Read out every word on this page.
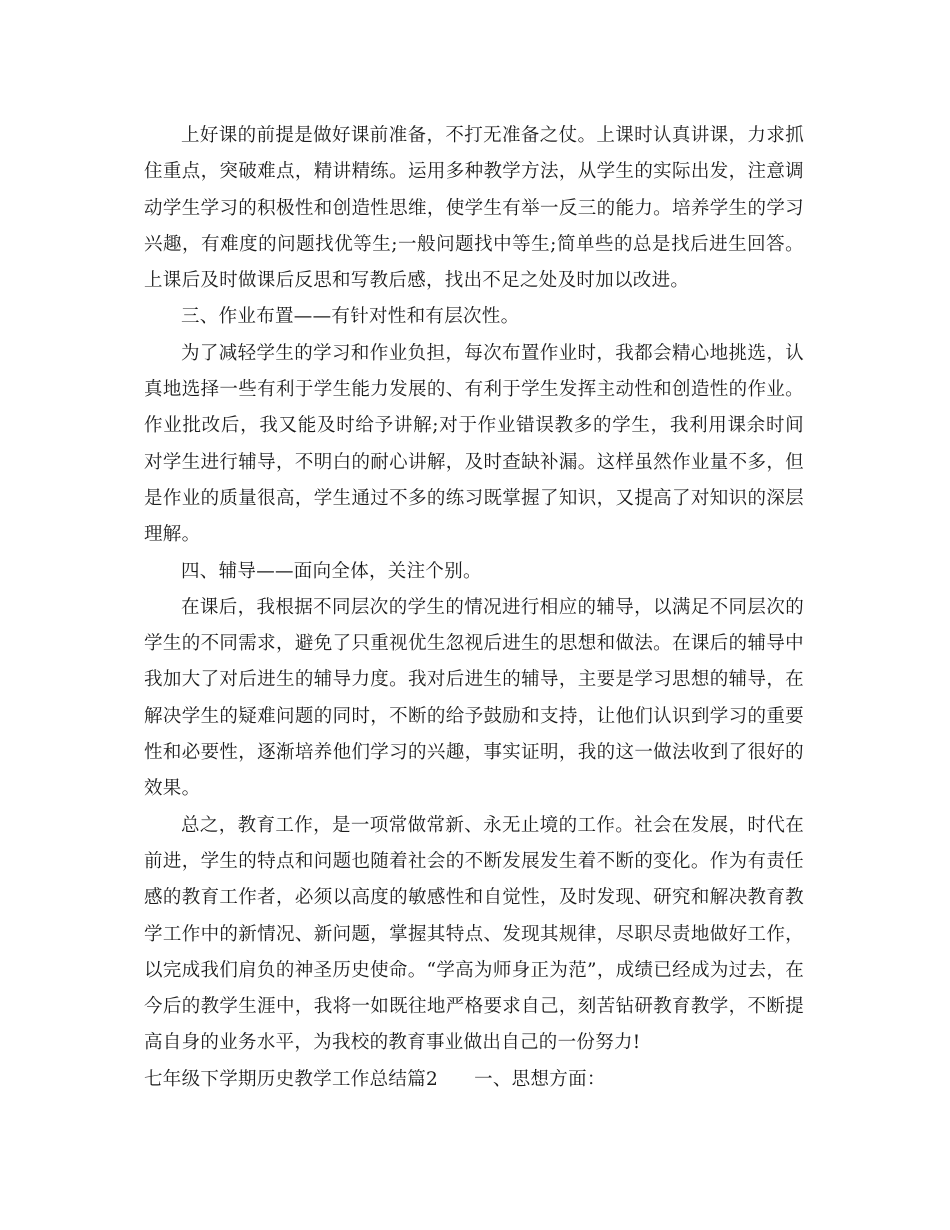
上好课的前提是做好课前准备，不打无准备之仗。上课时认真讲课，力求抓住重点，突破难点，精讲精练。运用多种教学方法，从学生的实际出发，注意调动学生学习的积极性和创造性思维，使学生有举一反三的能力。培养学生的学习兴趣，有难度的问题找优等生;一般问题找中等生;简单些的总是找后进生回答。上课后及时做课后反思和写教后感，找出不足之处及时加以改进。

三、作业布置——有针对性和有层次性。

为了减轻学生的学习和作业负担，每次布置作业时，我都会精心地挑选，认真地选择一些有利于学生能力发展的、有利于学生发挥主动性和创造性的作业。作业批改后，我又能及时给予讲解;对于作业错误教多的学生，我利用课余时间对学生进行辅导，不明白的耐心讲解，及时查缺补漏。这样虽然作业量不多，但是作业的质量很高，学生通过不多的练习既掌握了知识，又提高了对知识的深层理解。

四、辅导——面向全体，关注个别。

在课后，我根据不同层次的学生的情况进行相应的辅导，以满足不同层次的学生的不同需求，避免了只重视优生忽视后进生的思想和做法。在课后的辅导中我加大了对后进生的辅导力度。我对后进生的辅导，主要是学习思想的辅导，在解决学生的疑难问题的同时，不断的给予鼓励和支持，让他们认识到学习的重要性和必要性，逐渐培养他们学习的兴趣，事实证明，我的这一做法收到了很好的效果。

总之，教育工作，是一项常做常新、永无止境的工作。社会在发展，时代在前进，学生的特点和问题也随着社会的不断发展发生着不断的变化。作为有责任感的教育工作者，必须以高度的敏感性和自觉性，及时发现、研究和解决教育教学工作中的新情况、新问题，掌握其特点、发现其规律，尽职尽责地做好工作，以完成我们肩负的神圣历史使命。“学高为师身正为范”，成绩已经成为过去，在今后的教学生涯中，我将一如既往地严格要求自己，刻苦钻研教育教学，不断提高自身的业务水平，为我校的教育事业做出自己的一份努力!

七年级下学期历史教学工作总结篇2 一、思想方面：
